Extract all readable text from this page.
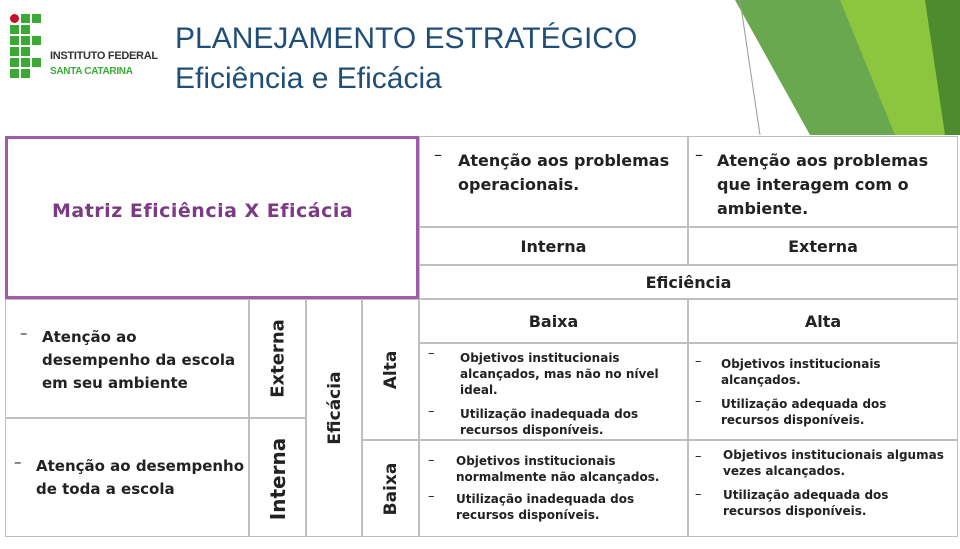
INSTITUTO FEDERAL
SANTA CATARINA
PLANEJAMENTO ESTRATÉGICO
Eficiência e Eficácia
Matriz Eficiência X Eficácia
– Atenção aos problemas operacionais.
– Atenção aos problemas que interagem com o ambiente.
Interna	Externa
Eficiência
Baixa	Alta
– Atenção ao desempenho da escola em seu ambiente
– Atenção ao desempenho de toda a escola
Externa
Interna
Eficácia
Alta
Baixa
– Objetivos institucionais alcançados, mas não no nível ideal.
– Utilização inadequada dos recursos disponíveis.
– Objetivos institucionais alcançados.
– Utilização adequada dos recursos disponíveis.
– Objetivos institucionais normalmente não alcançados.
– Utilização inadequada dos recursos disponíveis.
– Objetivos institucionais algumas vezes alcançados.
– Utilização adequada dos recursos disponíveis.
